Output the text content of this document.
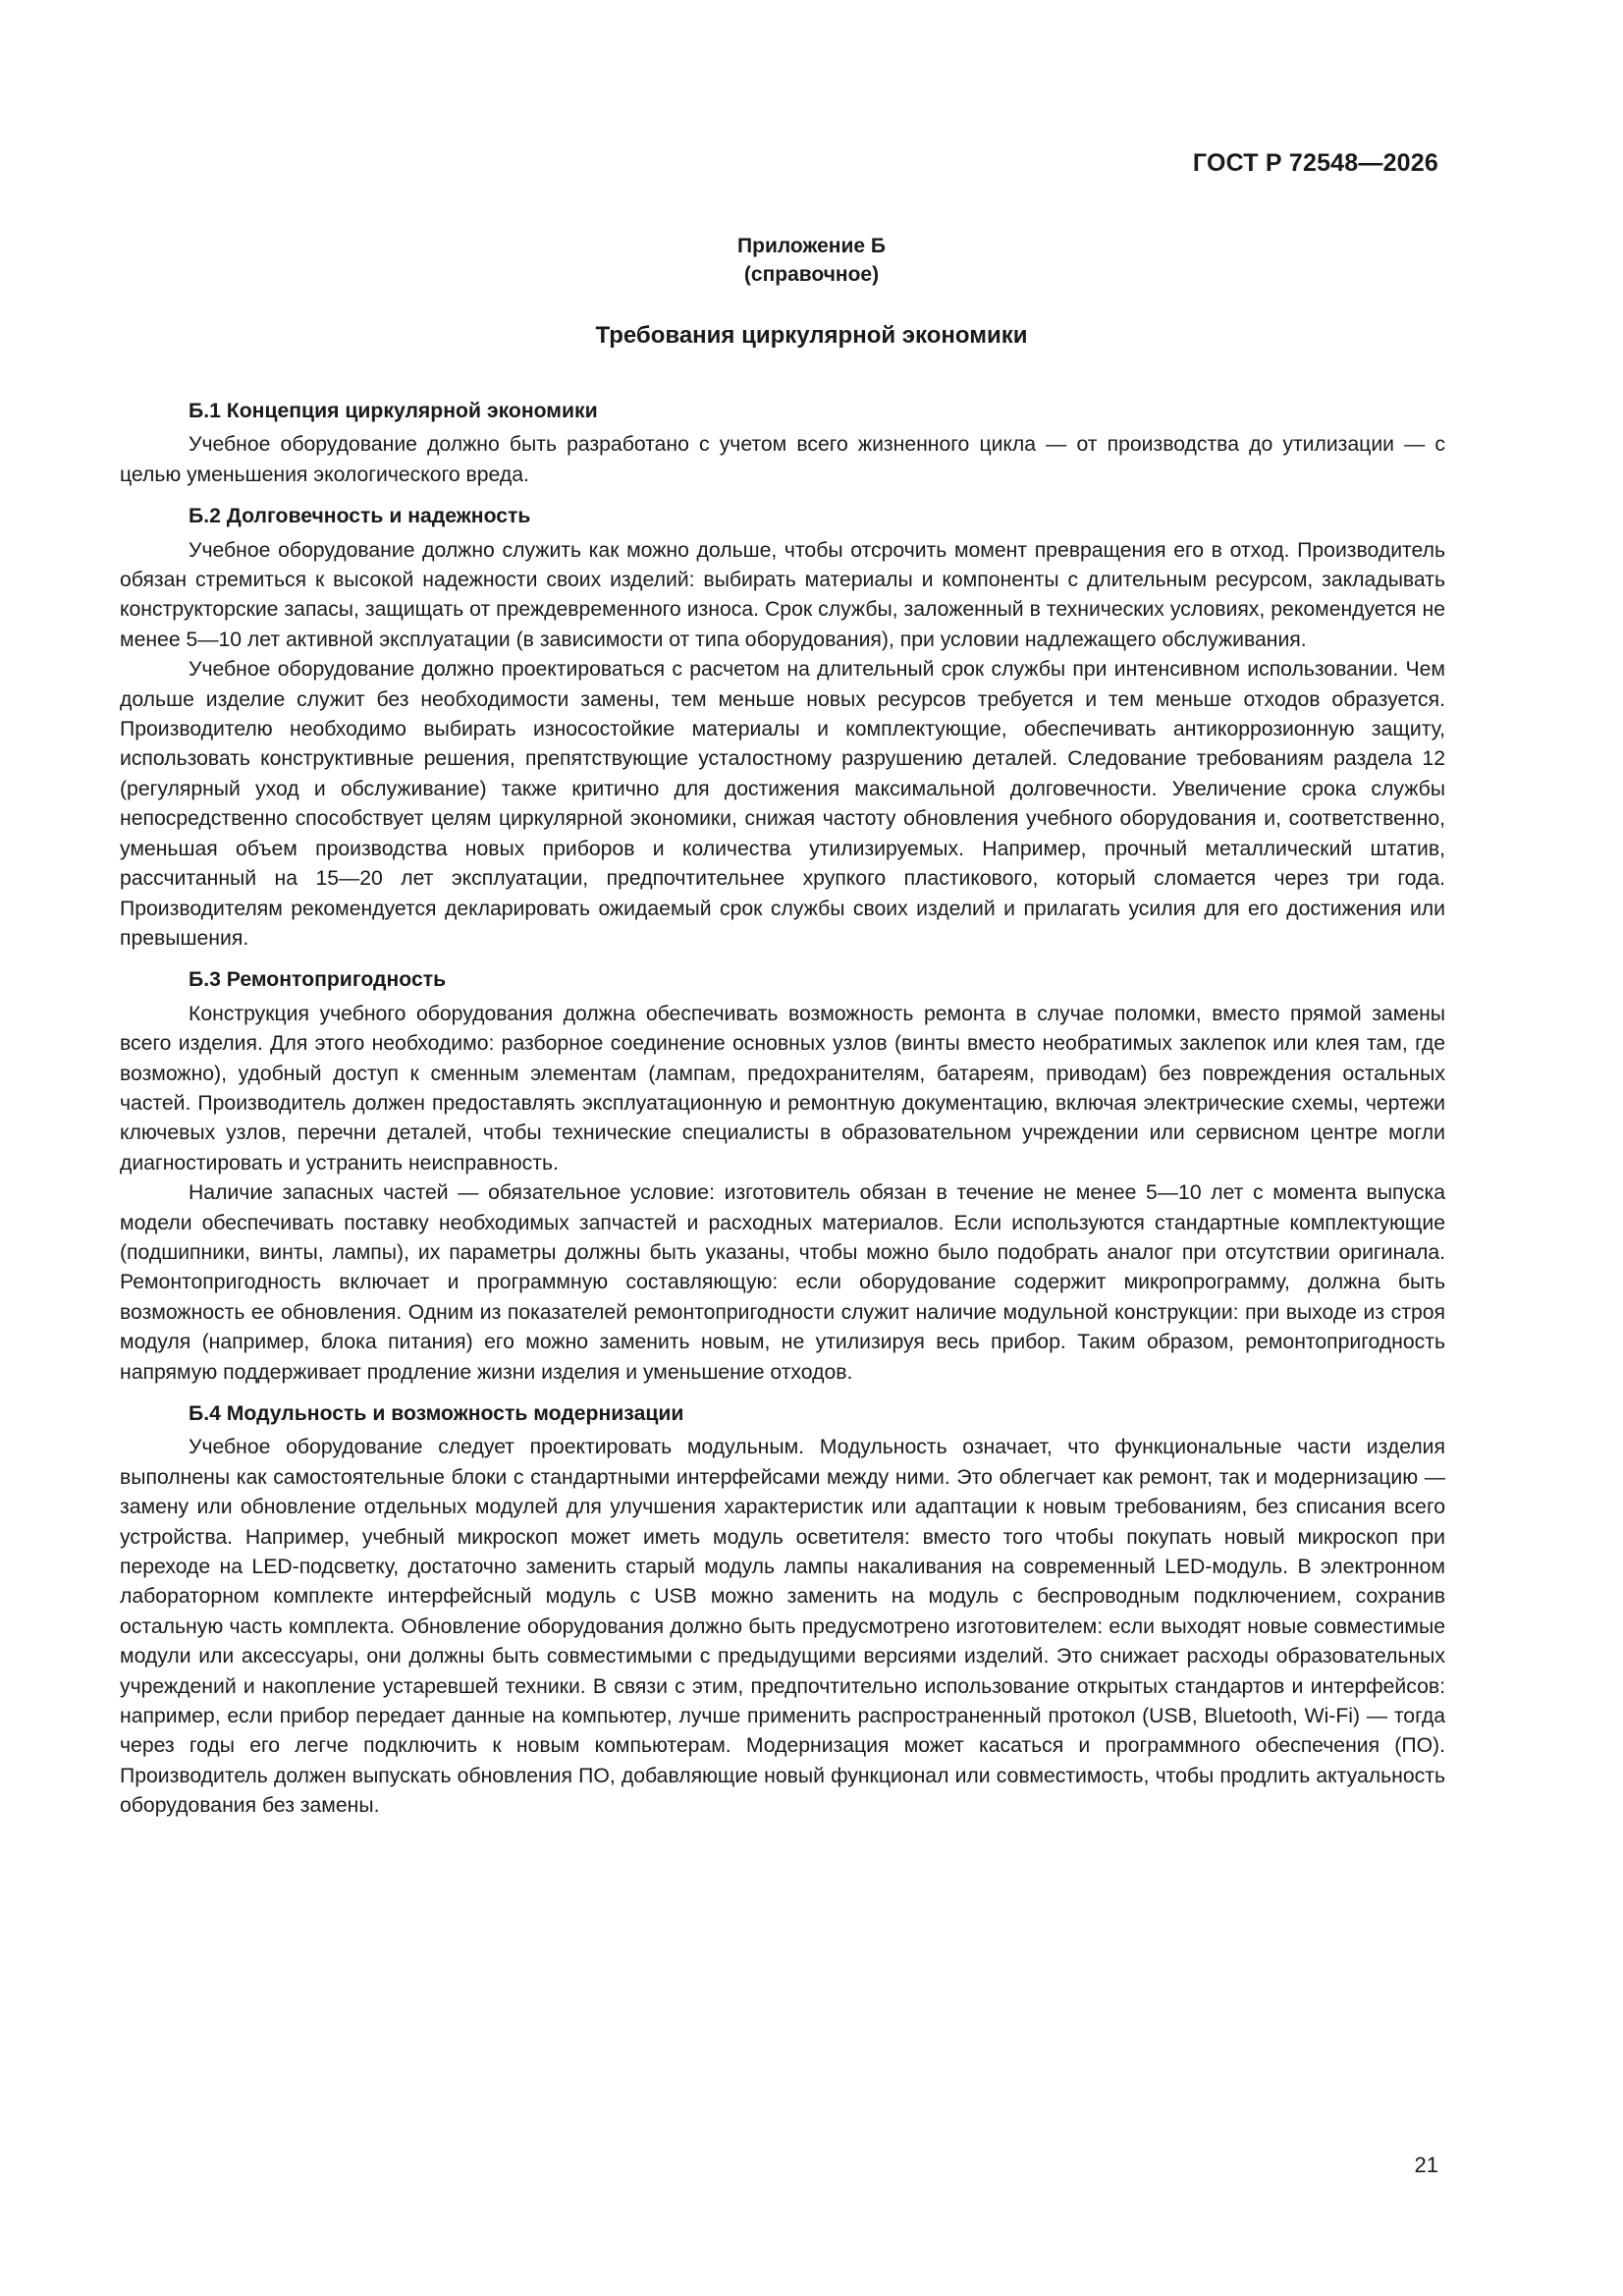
ГОСТ Р 72548—2026
Приложение Б
(справочное)
Требования циркулярной экономики
Б.1 Концепция циркулярной экономики

Учебное оборудование должно быть разработано с учетом всего жизненного цикла — от производства до утилизации — с целью уменьшения экологического вреда.

Б.2 Долговечность и надежность

Учебное оборудование должно служить как можно дольше, чтобы отсрочить момент превращения его в отход. Производитель обязан стремиться к высокой надежности своих изделий: выбирать материалы и компоненты с длительным ресурсом, закладывать конструкторские запасы, защищать от преждевременного износа. Срок службы, заложенный в технических условиях, рекомендуется не менее 5—10 лет активной эксплуатации (в зависимости от типа оборудования), при условии надлежащего обслуживания.

Учебное оборудование должно проектироваться с расчетом на длительный срок службы при интенсивном использовании. Чем дольше изделие служит без необходимости замены, тем меньше новых ресурсов требуется и тем меньше отходов образуется. Производителю необходимо выбирать износостойкие материалы и комплектующие, обеспечивать антикоррозионную защиту, использовать конструктивные решения, препятствующие усталостному разрушению деталей. Следование требованиям раздела 12 (регулярный уход и обслуживание) также критично для достижения максимальной долговечности. Увеличение срока службы непосредственно способствует целям циркулярной экономики, снижая частоту обновления учебного оборудования и, соответственно, уменьшая объем производства новых приборов и количества утилизируемых. Например, прочный металлический штатив, рассчитанный на 15—20 лет эксплуатации, предпочтительнее хрупкого пластикового, который сломается через три года. Производителям рекомендуется декларировать ожидаемый срок службы своих изделий и прилагать усилия для его достижения или превышения.

Б.3 Ремонтопригодность

Конструкция учебного оборудования должна обеспечивать возможность ремонта в случае поломки, вместо прямой замены всего изделия. Для этого необходимо: разборное соединение основных узлов (винты вместо необратимых заклепок или клея там, где возможно), удобный доступ к сменным элементам (лампам, предохранителям, батареям, приводам) без повреждения остальных частей. Производитель должен предоставлять эксплуатационную и ремонтную документацию, включая электрические схемы, чертежи ключевых узлов, перечни деталей, чтобы технические специалисты в образовательном учреждении или сервисном центре могли диагностировать и устранить неисправность.

Наличие запасных частей — обязательное условие: изготовитель обязан в течение не менее 5—10 лет с момента выпуска модели обеспечивать поставку необходимых запчастей и расходных материалов. Если используются стандартные комплектующие (подшипники, винты, лампы), их параметры должны быть указаны, чтобы можно было подобрать аналог при отсутствии оригинала. Ремонтопригодность включает и программную составляющую: если оборудование содержит микропрограмму, должна быть возможность ее обновления. Одним из показателей ремонтопригодности служит наличие модульной конструкции: при выходе из строя модуля (например, блока питания) его можно заменить новым, не утилизируя весь прибор. Таким образом, ремонтопригодность напрямую поддерживает продление жизни изделия и уменьшение отходов.

Б.4 Модульность и возможность модернизации

Учебное оборудование следует проектировать модульным. Модульность означает, что функциональные части изделия выполнены как самостоятельные блоки с стандартными интерфейсами между ними. Это облегчает как ремонт, так и модернизацию — замену или обновление отдельных модулей для улучшения характеристик или адаптации к новым требованиям, без списания всего устройства. Например, учебный микроскоп может иметь модуль осветителя: вместо того чтобы покупать новый микроскоп при переходе на LED-подсветку, достаточно заменить старый модуль лампы накаливания на современный LED-модуль. В электронном лабораторном комплекте интерфейсный модуль с USB можно заменить на модуль с беспроводным подключением, сохранив остальную часть комплекта. Обновление оборудования должно быть предусмотрено изготовителем: если выходят новые совместимые модули или аксессуары, они должны быть совместимыми с предыдущими версиями изделий. Это снижает расходы образовательных учреждений и накопление устаревшей техники. В связи с этим, предпочтительно использование открытых стандартов и интерфейсов: например, если прибор передает данные на компьютер, лучше применить распространенный протокол (USB, Bluetooth, Wi-Fi) — тогда через годы его легче подключить к новым компьютерам. Модернизация может касаться и программного обеспечения (ПО). Производитель должен выпускать обновления ПО, добавляющие новый функционал или совместимость, чтобы продлить актуальность оборудования без замены.

21
